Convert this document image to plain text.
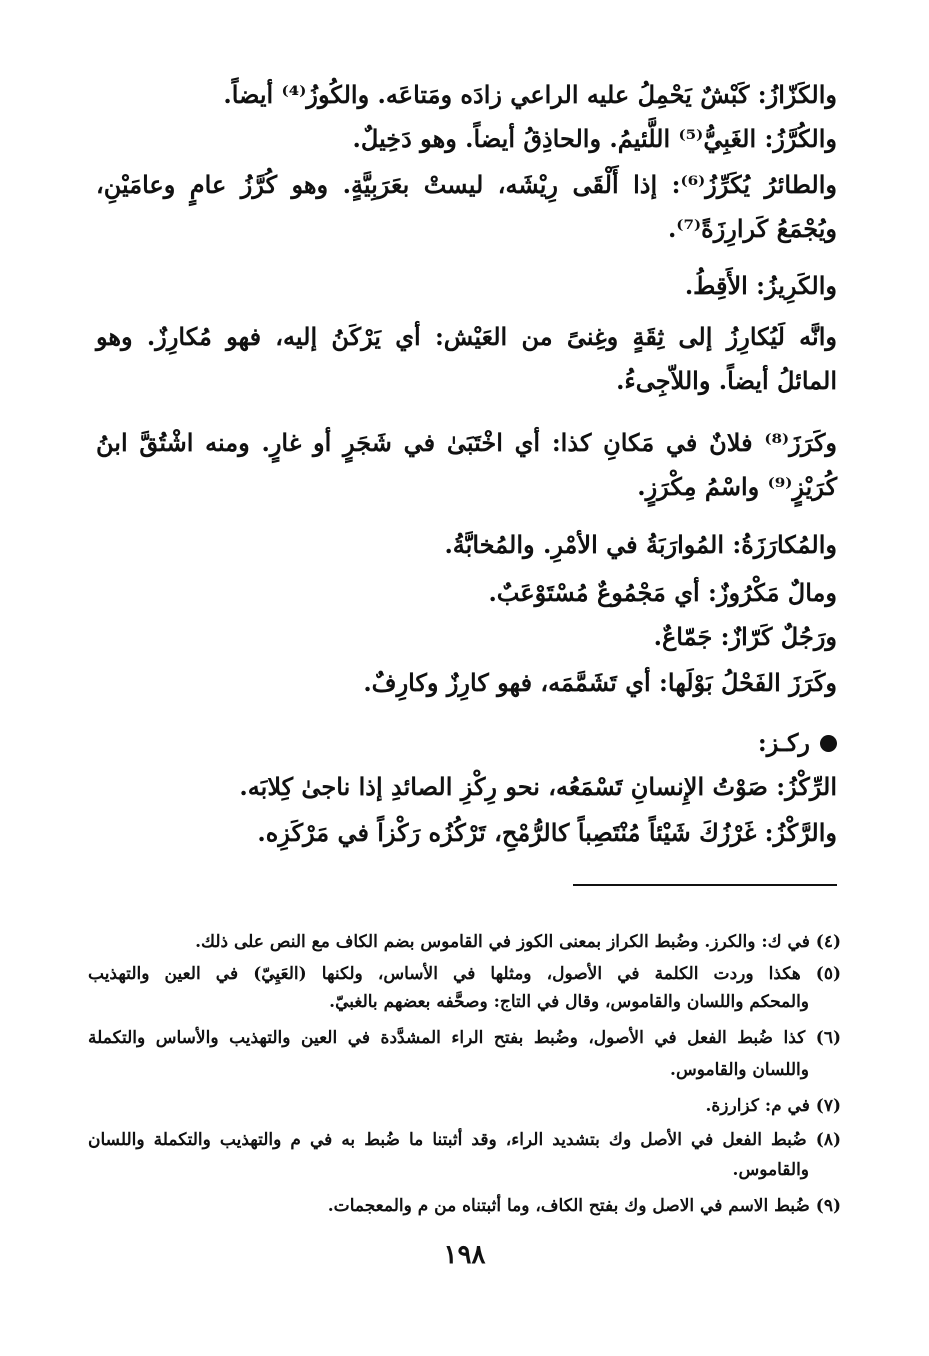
والكَزّازُ: كَبْشٌ يَحْمِلُ عليه الراعي زادَه ومَتاعَه. والكُوزُ⁽⁴⁾ أيضاً.
والكُرَّزُ: الغَبِيُّ⁽⁵⁾ اللَّئيمُ. والحاذِقُ أيضاً. وهو دَخِيلٌ.
والطائرُ يُكَرِّزُ⁽⁶⁾: إذا أَلْقَى رِيْشَه، ليستْ بعَرَبِيَّةٍ. وهو كُرَّزُ عامٍ وعامَيْنِ،
ويُجْمَعُ كَرارِزَةً⁽⁷⁾.
والكَرِيزُ: الأَقِطُ.
وانَّه لَيُكارِزُ إلى ثِقَةٍ وغِنىً من العَيْش: أي يَرْكَنُ إليه، فهو مُكارِزٌ. وهو
المائلُ أيضاً. واللاّجِىءُ.
وكَرَزَ⁽⁸⁾ فلانٌ في مَكانِ كذا: أي اخْتَبَىٰ في شَجَرٍ أو غارٍ. ومنه اشْتُقَّ ابنُ
كُرَيْزٍ⁽⁹⁾ واسْمُ مِكْرَزٍ.
والمُكارَزَةُ: المُوارَبَةُ في الأمْرِ. والمُخابَّةُ.
ومالٌ مَكْرُوزٌ: أي مَجْمُوعٌ مُسْتَوْعَبٌ.
ورَجُلٌ كَرّازٌ: جَمّاعٌ.
وكَرَزَ الفَحْلُ بَوْلَها: أي تَشَمَّمَه، فهو كارِزٌ وكارِفٌ.
ركـز:
الرِّكْزُ: صَوْتُ الإِنسانِ تَسْمَعُه، نحو رِكْزِ الصائدِ إذا ناجىٰ كِلابَه.
والرَّكْزُ: غَرْزُكَ شَيْئاً مُنْتَصِباً كالرُّمْحِ، تَرْكُزُه رَكْزاً في مَرْكَزِه.
(٤) في ك: والكرز. وضُبط الكراز بمعنى الكوز في القاموس بضم الكاف مع النص على ذلك.
(٥) هكذا وردت الكلمة في الأصول، ومثلها في الأساس، ولكنها (العَيِيّ) في العين والتهذيب
والمحكم واللسان والقاموس، وقال في التاج: وصحَّفه بعضهم بالغبيّ.
(٦) كذا ضُبط الفعل في الأصول، وضُبط بفتح الراء المشدَّدة في العين والتهذيب والأساس والتكملة
واللسان والقاموس.
(٧) في م: كزارزة.
(٨) ضُبط الفعل في الأصل وك بتشديد الراء، وقد أثبتنا ما ضُبط به في م والتهذيب والتكملة واللسان
والقاموس.
(٩) ضُبط الاسم في الاصل وك بفتح الكاف، وما أثبتناه من م والمعجمات.
١٩٨
